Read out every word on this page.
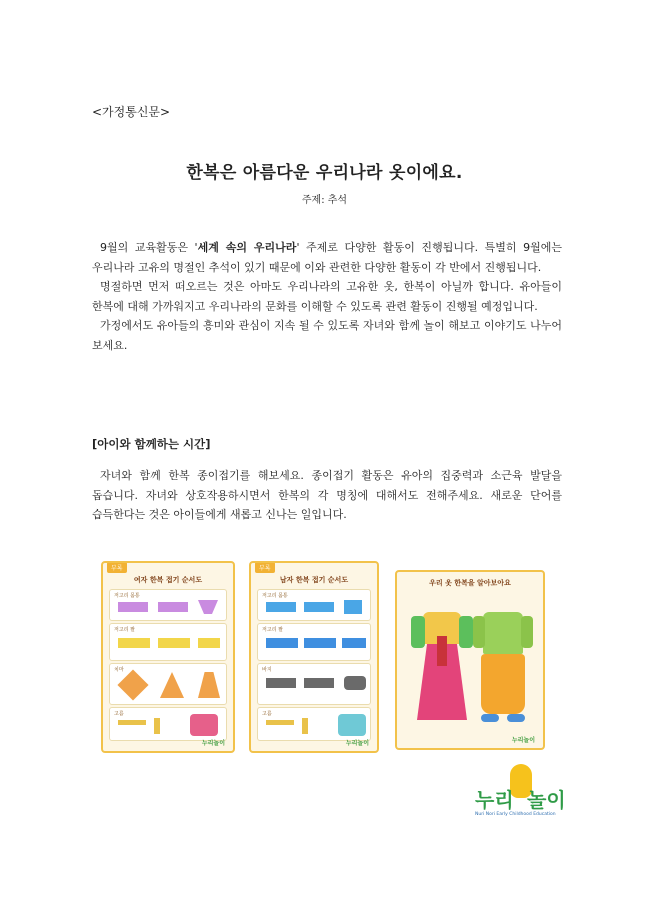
<가정통신문>
한복은 아름다운 우리나라 옷이에요.
주제: 추석

9월의 교육활동은 '세계 속의 우리나라' 주제로 다양한 활동이 진행됩니다. 특별히 9월에는 우리나라 고유의 명절인 추석이 있기 때문에 이와 관련한 다양한 활동이 각 반에서 진행됩니다.

명절하면 먼저 떠오르는 것은 아마도 우리나라의 고유한 옷, 한복이 아닐까 합니다. 유아들이 한복에 대해 가까워지고 우리나라의 문화를 이해할 수 있도록 관련 활동이 진행될 예정입니다.

가정에서도 유아들의 흥미와 관심이 지속 될 수 있도록 자녀와 함께 놀이 해보고 이야기도 나누어 보세요.

[아이와 함께하는 시간]

자녀와 함께 한복 종이접기를 해보세요. 종이접기 활동은 유아의 집중력과 소근육 발달을 돕습니다. 자녀와 상호작용하시면서 한복의 각 명칭에 대해서도 전해주세요. 새로운 단어를 습득한다는 것은 아이들에게 새롭고 신나는 일입니다.

부록
여자 한복 접기 순서도
저고리 몸통
저고리 팔
치마
고름
누리놀이
부록
남자 한복 접기 순서도
저고리 몸통
저고리 팔
바지
고름
누리놀이
우리 옷 한복을 알아보아요
누리놀이
누리 놀이
Nuri Nori Early Childhood Education
